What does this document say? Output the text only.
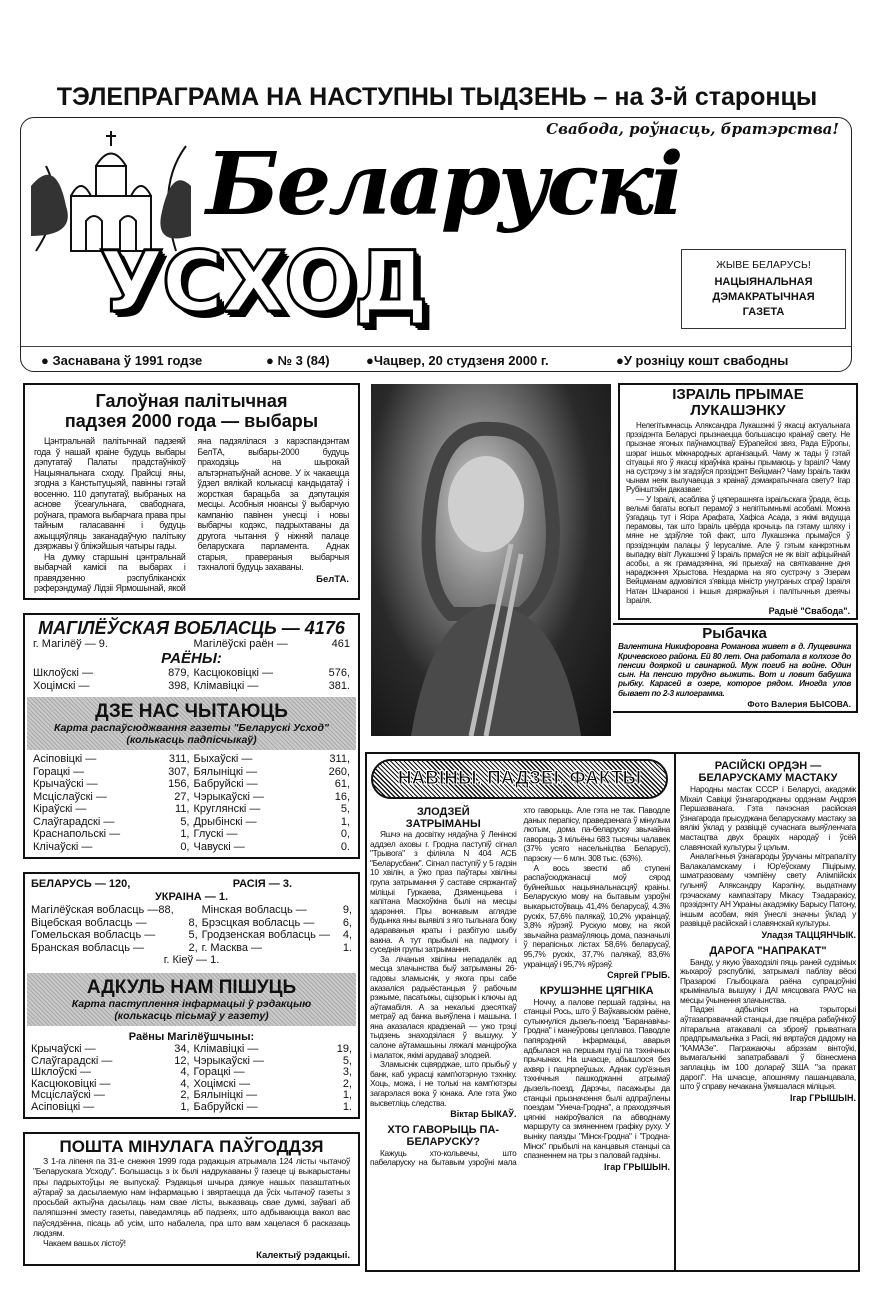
ТЭЛЕПРАГРАМА НА НАСТУПНЫ ТЫДЗЕНЬ – на 3-й старонцы
Свабода, роўнасць, братэрства!
Беларускі
УСХОД	ЖЫВЕ БЕЛАРУСЬ!
НАЦЫЯНАЛЬНАЯ ДЭМАКРАТЫЧНАЯ ГАЗЕТА
● Заснавана ў 1991 годзе	● № 3 (84)	●Чацвер, 20 студзеня 2000 г.	●У розніцу кошт свабодны
Галоўная палітычная падзея 2000 года — выбары

Цэнтральнай палітычнай падзеяй года ў нашай краіне будуць выбары дэпутатаў Палаты прадстаўнікоў Нацыянальнага сходу. Прайсці яны, згодна з Канстытуцыяй, павінны гэтай восенню. 110 дэпутатаў, выбраных на аснове ўсеагульнага, свабоднага, роўнага, прамога выбарчага права пры тайным галасаванні і будуць ажыццяўляць заканадаўчую палітыку дзяржавы ў бліжэйшыя чатыры гады.

На думку старшыні цэнтральнай выбарчай камісіі па выбарах і правядзенню рэспубліканскіх рэферэндумаў Лідзіі Ярмошынай, якой яна падзялілася з карэспандэнтам БелТА, выбары-2000 будуць праходзіць на шырокай альтэрнатыўнай аснове. У іх чакаецца ўдзел вялікай колькасці кандыдатаў і жорсткая барацьба за дэпутацкія месцы. Асобныя нюансы ў выбарчую кампанію павінен унесці і новы выбарчы кодэкс, падрыхтаваны да другога чытання ў ніжняй палаце беларускага парламента. Аднак старыя, правераныя выбарчыя тэхналогіі будуць захаваны.

БелТА.
МАГІЛЁЎСКАЯ ВОБЛАСЦЬ — 4176
г. Магілёў — 9.	Магілёўскі раён —	461
РАЁНЫ:
Шклоўскі —	879, Касцюковіцкі —	576,
Хоцімскі —	398, Клімавіцкі —	381.
ДЗЕ НАС ЧЫТАЮЦЬ
Карта распаўсюджвання газеты "Беларускі Усход" (колькасць падпісчыкаў)
Асіповіцкі —	311, Быхаўскі —	311,
Горацкі —	307, Бялыніцкі —	260,
Крычаўскі —	156, Бабруйскі —	61,
Мсціслаўскі —	27, Чэрыкаўскі —	16,
Кіраўскі —	11, Круглянскі —	5,
Слаўгарадскі —	5, Дрыбінскі —	1,
Краснапольскі —	1, Глускі —	0,
Клічаўскі —	0, Чавускі —	0.
БЕЛАРУСЬ — 120,	РАСІЯ — 3.
УКРАІНА — 1.
Магілёўская вобласць —88,	Мінская вобласць —	9,
Віцебская вобласць —	8, Брэсцкая вобласць —	6,
Гомельская вобласць —	5, Гродзенская вобласць —	4,
Бранская вобласць —	2, г. Масква —	1.
г. Кіеў — 1.
АДКУЛЬ НАМ ПІШУЦЬ
Карта паступлення інфармацыі ў рэдакцыю (колькасць пісьмаў у газету)
Раёны Магілёўшчыны:
Крычаўскі —	34, Клімавіцкі —	19,
Слаўгарадскі —	12, Чэрыкаўскі —	5,
Шклоўскі —	4, Горацкі —	3,
Касцюковіцкі —	4, Хоцімскі —	2,
Мсціслаўскі —	2, Бялыніцкі —	1,
Асіповіцкі —	1, Бабруйскі —	1.
ПОШТА МІНУЛАГА ПАЎГОДДЗЯ

З 1-га ліпеня па 31-е снежня 1999 года рэдакцыя атрымала 124 лісты чытачоў "Беларускага Усходу". Большасць з іх былі надрукаваны ў газеце ці выкарыстаны пры падрыхтоўцы яе выпускаў. Рэдакцыя шчыра дзякуе нашых пазаштатных аўтараў за дасылаемую нам інфармацыю і звяртаецца да ўсіх чытачоў газеты з просьбай актыўна дасылаць нам свае лісты, выказваць свае думкі, заўвагі аб паляпшэнні зместу газеты, паведамляць аб падзеях, што адбываюцца вакол вас паўсядзённа, пісаць аб усім, што набалела, пра што вам хацелася б расказаць людзям.

Чакаем вашых лістоў!

Калектыў рэдакцыі.
ІЗРАІЛЬ ПРЫМАЕ ЛУКАШЭНКУ

Нелегітымнасць Аляксандра Лукашэнкі ў якасці актуальнага прэзідэнта Беларусі прызнаецца большасцю краінаў свету. Не прызнае ягоных паўнамоцтваў Еўрапейскі звяз, Рада Еўропы, шэраг іншых міжнародных арганізацый. Чаму ж тады ў гэтай сітуацыі яго ў якасці кіраўніка краіны прымаюць у Ізраілі? Чаму на сустрэчу з ім згадзіўся прэзідэнт Вейцман? Чаму Ізраіль такім чынам неяк вылучаецца з краінаў дэмакратычнага свету? Ігар Рубінштэйн даказвае:

— У Ізраілі, асабліва ў цяперашняга ізраільскага ўрада, ёсць вельмі багаты вопыт перамоў з нелігітымнымі асобамі. Можна ўзгадаць тут і Ясіра Арафата, Хафіса Асада, з якімі вядуцца перамовы, так што Ізраіль цвёрда крочыць па гэтаму шляху і мяне не здзіўляе той факт, што Лукашэнка прымаўся ў прэзідэнцкім палацы ў Іерусаліме. Але ў гэтым канкрэтным выпадку візіт Лукашэнкі ў Ізраіль прмаўся не як візіт афіцыйнай асобы, а як грамадзяніна, які прыехаў на святкаванне дня нараджэння Хрыстова. Нездарма на яго сустрэчу з Эзерам Вейцманам адмовіліся з'явіцца міністр унутраных спраў Ізраіля Натан Шчаранскі і іншыя дзяржаўныя і палітычныя дзеячы Ізраіля.

Радыё "Свабода".
Рыбачка
Валентина Никифоровна Романова живет в д. Лущевинка Кричевского района. Ей 80 лет. Она работала в колхозе до пенсии дояркой и свинаркой. Муж погиб на войне. Один сын. На пенсию трудно выжить. Вот и ловит бабушка рыбку. Карасей в озере, которое рядом. Иногда улов бывает по 2-3 килограмма.
Фото Валерия БЫСОВА.
НАВІНЫ. ПАДЗЕІ. ФАКТЫ
ЗЛОДЗЕЙ ЗАТРЫМАНЫ

Яшчэ на досвітку нядаўна ў Ленінскі аддзел аховы г. Гродна паступіў сігнал "Трывога" з філіяла N 404 АСБ "Беларусбанк". Сігнал паступіў у 5 гадзін 10 хвілін, а ўжо праз паўтары хвіліны група затрымання ў саставе сяржантаў міліцыі Гуркаева, Дзяменцьева і капітана Маскоўкіна былі на месцы здарэння. Пры вонкавым аглядзе будынка яны выявілі з яго тыльнага боку адараваныя краты і разбітую шыбу вакна. А тут прыбылі на падмогу і суседнія групы затрымання.

За лічаныя хвіліны непадалёк ад месца злачынства быў затрыманы 26-гадовы зламыснік, у якога пры сабе аказаліся радыёстанцыя ў рабочым рэжыме, пасатыжы, сцізорык і ключы ад аўтамабіля. А за некалькі дзесяткаў метраў ад банка выяўлена і машына. І яна аказалася крадзенай — ужо трэці тыдзень знаходзілася ў вышуку. У салоне аўтамашыны ляжалі манціроўка і малаток, якімі арудаваў злодзей.

Зламыснік сцвярджае, што прыбыў у банк, каб украсці камп'ютэрную тэхніку. Хоць, можа, і не толькі на камп'ютэры загарэлася вока ў юнака. Але гэта ўжо высветліць следства.

Віктар БЫКАЎ.
ХТО ГАВОРЫЦЬ ПА-БЕЛАРУСКУ?

Кажуць хто-кольвечы, што пабеларуску на бытавым узроўні мала хто гаворыць. Але гэта не так. Паводле даных перапісу, праведзенага ў мінулым лютым, дома па-беларуску звычайна гавораць 3 мільёны 683 тысячы чалавек (37% усяго насельніцтва Беларусі), парэску — 6 млн. 308 тыс. (63%).

А вось звесткі аб ступені распаўсюджанасці моў сярод буйнейшых нацыянальнасцяў краіны. Беларускую мову на бытавым узроўні выкарыстоўваць 41,4% беларусаў, 4.3% рускіх, 57,6% палякаў, 10,2% украінцаў, 3,8% яўрэяў. Рускую мову, на якой звычайна размаўляюць дома, пазначылі ў перапісных лістах 58,6% беларусаў, 95,7% рускіх, 37,7% палякаў, 83,6% украінцаў і 95,7% яўрэяў.

Сяргей ГРЫБ.
КРУШЭННЕ ЦЯГНІКА

Ноччу, а палове першай гадзіны, на станцыі Рось, што ў Ваўкавыскім раёне, сутыкнуліся дызель-поезд "Баранавічы-Гродна" і манеўровы цеплавоз. Паводле папярэдняй інфармацыі, аварыя адбылася на першым пуці па тэхнічных прычынах. На шчасце, абышлося без ахвяр і пацярпеўшых. Аднак сур'ёзныя тэхнічныя пашкоджанні атрымаў дызель-поезд. Дарэчы, пасажыры да станцыі прызначэння былі адпраўлены поездам "Унеча-Гродна", а праходзячыя цягнікі накіроўваліся па абводнаму маршруту са змяненнем графіку руху. У выніку паязды "Мінск-Гродна" і "Гродна-Мінск" прыбылі на канцавыя станцыі са спазненнем на тры з паловай гадзіны.

Ігар ГРЫШЫН.
РАСІЙСКІ ОРДЭН — БЕЛАРУСКАМУ МАСТАКУ

Народны мастак СССР і Беларусі, акадэмік Міхаіл Савіцкі ўзнагароджаны ордэнам Андрэя Першазванага. Гэта пачэсная расійская ўзнагарода прысуджана беларускаму мастаку за вялікі ўклад у развіццё сучаснага выяўленчага мастацтва двух брацкіх народаў і ўсёй славянскай культуры ў цэлым.

Аналагічныя ўзнагароды ўручаны мітрапаліту Валакаламскаму і Юр'еўскаму Піцірыму, шматразоваму чэмпіёну свету Алімпійскіх гульняў Аляксандру Карэліну, выдатнаму грэчаскаму кампазітару Мікасу Тэадаракісу, прэзідэнту АН Украіны акадэміку Барысу Патону, іншым асобам, якія ўнеслі значны ўклад у развіццё расійскай і славянскай культуры.

Уладзя ТАЦЦЯНЧЫК.
ДАРОГА "НАПРАКАТ"

Банду, у якую ўваходзілі пяць раней судзімых жыхароў рэспублікі, затрымалі паблізу вёскі Празарокі Глыбоцкага раёна супрацоўнікі крымінальга вышуку і ДАІ мясцовага РАУС на месцы ўчынення злачынства.

Падзеі адбыліся на тэрыторыі аўтазаправачнай станцыі, дзе пяцёра рабаўнікоў літаральна атакавалі са зброяў прыватнага прадпрымальніка з Расіі, які вяртаўся дадому на "КАМАЗе". Пагражаючы абрэзам вінтоўкі, вымагальнікі запатрабавалі ў бізнесмена заплаціць ім 100 долараў ЗША "за пракат дарогі". На шчасце, апошняму пашанцавала, што ў справу нечакана ўмяшалася міліцыя.

Ігар ГРЫШЫН.
